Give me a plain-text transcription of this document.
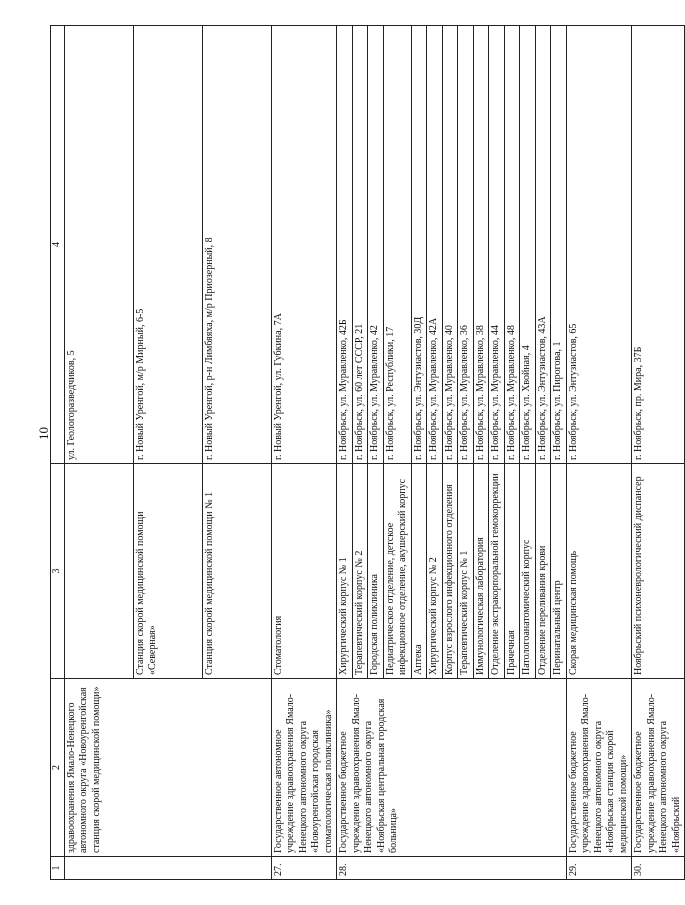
10
1	2	3	4
	здравоохранения Ямало-Ненецкого автономного округа «Новоуренгойская станция скорой медицинской помощи»		ул. Геологоразведчиков, 5
		Станция скорой медицинской помощи «Северная»	г. Новый Уренгой, м/р Мирный, 6-5
		Станция скорой медицинской помощи № 1	г. Новый Уренгой, р-н Лимбяяха, м/р Приозерный, 8
27.	Государственное автономное учреждение здравоохранения Ямало-Ненецкого автономного округа «Новоуренгойская городская стоматологическая поликлиника»	Стоматология	г. Новый Уренгой, ул. Губкина, 7А
28.	Государственное бюджетное учреждение здравоохранения Ямало-Ненецкого автономного округа «Ноябрьская центральная городская больница»	Хирургический корпус № 1	г. Ноябрьск, ул. Муравленко, 42Б
		Терапевтический корпус № 2	г. Ноябрьск, ул. 60 лет СССР, 21
		Городская поликлиника	г. Ноябрьск, ул. Муравленко, 42
		Педиатрическое отделение, детское инфекционное отделение, акушерский корпус	г. Ноябрьск, ул. Республики, 17
		Аптека	г. Ноябрьск, ул. Энтузиастов, 30Д
		Хирургический корпус № 2	г. Ноябрьск, ул. Муравленко, 42А
		Корпус взрослого инфекционного отделения	г. Ноябрьск, ул. Муравленко, 40
		Терапевтический корпус № 1	г. Ноябрьск, ул. Муравленко, 36
		Иммунологическая лаборатория	г. Ноябрьск, ул. Муравленко, 38
		Отделение экстракорпоральной гемокоррекции	г. Ноябрьск, ул. Муравленко, 44
		Прачечная	г. Ноябрьск, ул. Муравленко, 48
		Патологоанатомический корпус	г. Ноябрьск, ул. Хвойная, 4
		Отделение переливания крови	г. Ноябрьск, ул. Энтузиастов, 43А
		Перинатальный центр	г. Ноябрьск, ул. Пирогова, 1
29.	Государственное бюджетное учреждение здравоохранения Ямало-Ненецкого автономного округа «Ноябрьская станция скорой медицинской помощи»	Скорая медицинская помощь	г. Ноябрьск, ул. Энтузиастов, 65
30.	Государственное бюджетное учреждение здравоохранения Ямало-Ненецкого автономного округа «Ноябрьский	Ноябрьский психоневрологический диспансер	г. Ноябрьск, пр. Мира, 37Б
